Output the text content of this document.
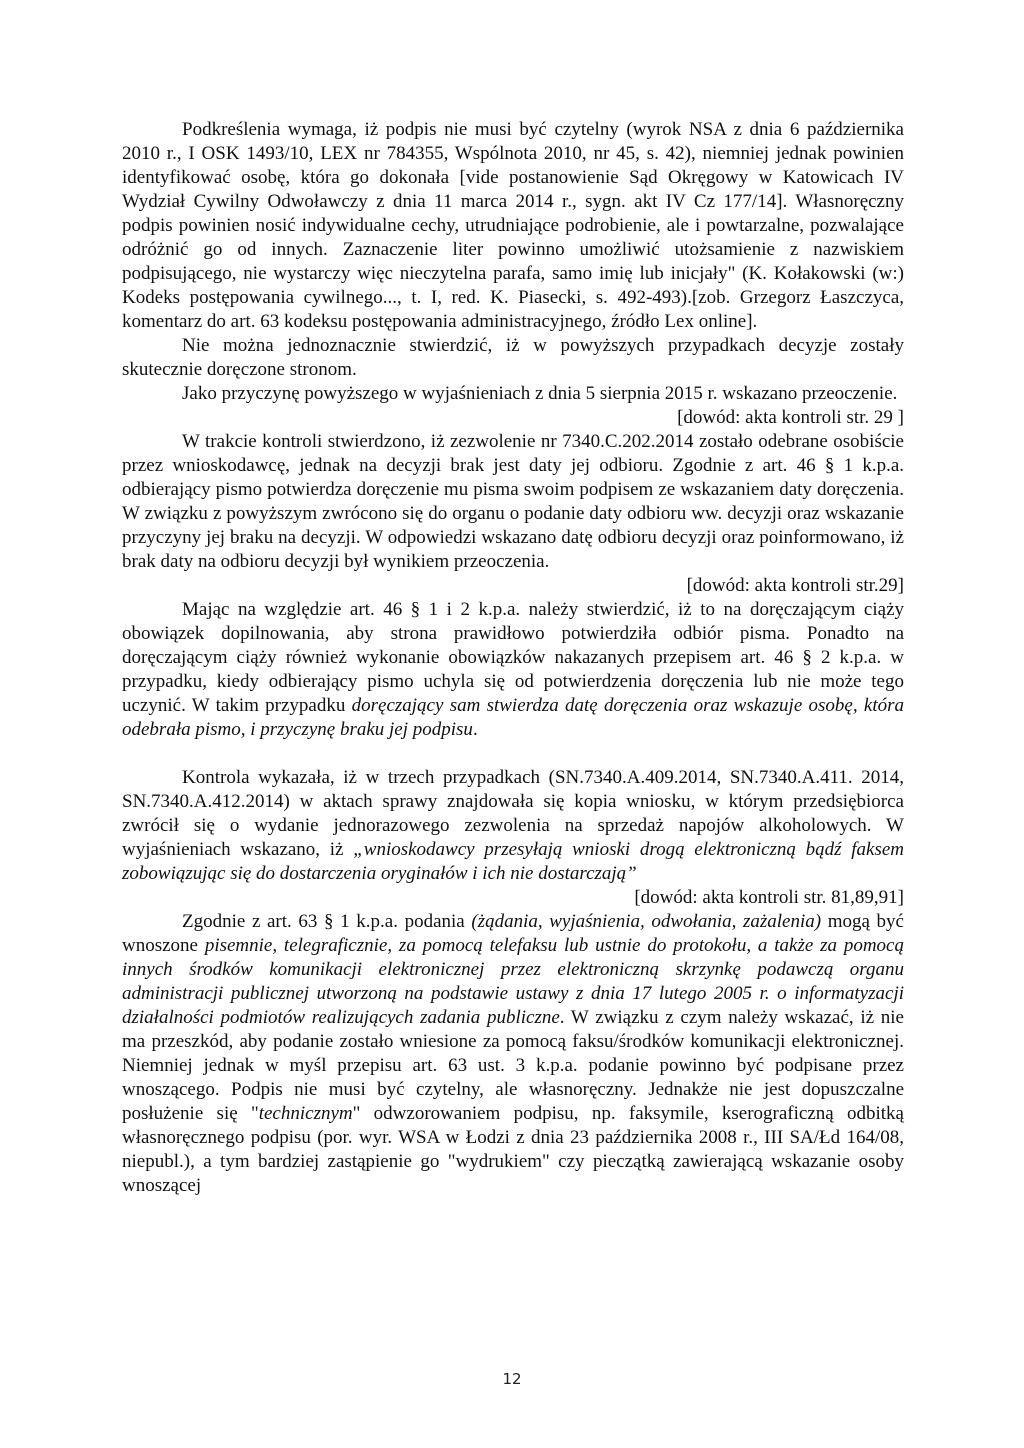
Podkreślenia wymaga, iż podpis nie musi być czytelny (wyrok NSA z dnia 6 października 2010 r., I OSK 1493/10, LEX nr 784355, Wspólnota 2010, nr 45, s. 42), niemniej jednak powinien identyfikować osobę, która go dokonała [vide postanowienie Sąd Okręgowy w Katowicach IV Wydział Cywilny Odwoławczy z dnia 11 marca 2014 r., sygn. akt IV Cz 177/14]. Własnoręczny podpis powinien nosić indywidualne cechy, utrudniające podrobienie, ale i powtarzalne, pozwalające odróżnić go od innych. Zaznaczenie liter powinno umożliwić utożsamienie z nazwiskiem podpisującego, nie wystarczy więc nieczytelna parafa, samo imię lub inicjały" (K. Kołakowski (w:) Kodeks postępowania cywilnego..., t. I, red. K. Piasecki, s. 492-493).[zob. Grzegorz Łaszczyca, komentarz do art. 63 kodeksu postępowania administracyjnego, źródło Lex online].

Nie można jednoznacznie stwierdzić, iż w powyższych przypadkach decyzje zostały skutecznie doręczone stronom.

Jako przyczynę powyższego w wyjaśnieniach z dnia 5 sierpnia 2015 r. wskazano przeoczenie.

[dowód: akta kontroli str. 29 ]

W trakcie kontroli stwierdzono, iż zezwolenie nr 7340.C.202.2014 zostało odebrane osobiście przez wnioskodawcę, jednak na decyzji brak jest daty jej odbioru. Zgodnie z art. 46 § 1 k.p.a. odbierający pismo potwierdza doręczenie mu pisma swoim podpisem ze wskazaniem daty doręczenia. W związku z powyższym zwrócono się do organu o podanie daty odbioru ww. decyzji oraz wskazanie przyczyny jej braku na decyzji. W odpowiedzi wskazano datę odbioru decyzji oraz poinformowano, iż brak daty na odbioru decyzji był wynikiem przeoczenia.

[dowód: akta kontroli str.29]

Mając na względzie art. 46 § 1 i 2 k.p.a. należy stwierdzić, iż to na doręczającym ciąży obowiązek dopilnowania, aby strona prawidłowo potwierdziła odbiór pisma. Ponadto na doręczającym ciąży również wykonanie obowiązków nakazanych przepisem art. 46 § 2 k.p.a. w przypadku, kiedy odbierający pismo uchyla się od potwierdzenia doręczenia lub nie może tego uczynić. W takim przypadku doręczający sam stwierdza datę doręczenia oraz wskazuje osobę, która odebrała pismo, i przyczynę braku jej podpisu.

Kontrola wykazała, iż w trzech przypadkach (SN.7340.A.409.2014, SN.7340.A.411. 2014, SN.7340.A.412.2014) w aktach sprawy znajdowała się kopia wniosku, w którym przedsiębiorca zwrócił się o wydanie jednorazowego zezwolenia na sprzedaż napojów alkoholowych. W wyjaśnieniach wskazano, iż „wnioskodawcy przesyłają wnioski drogą elektroniczną bądź faksem zobowiązując się do dostarczenia oryginałów i ich nie dostarczają”

[dowód: akta kontroli str. 81,89,91]

Zgodnie z art. 63 § 1 k.p.a. podania (żądania, wyjaśnienia, odwołania, zażalenia) mogą być wnoszone pisemnie, telegraficznie, za pomocą telefaksu lub ustnie do protokołu, a także za pomocą innych środków komunikacji elektronicznej przez elektroniczną skrzynkę podawczą organu administracji publicznej utworzoną na podstawie ustawy z dnia 17 lutego 2005 r. o informatyzacji działalności podmiotów realizujących zadania publiczne. W związku z czym należy wskazać, iż nie ma przeszkód, aby podanie zostało wniesione za pomocą faksu/środków komunikacji elektronicznej. Niemniej jednak w myśl przepisu art. 63 ust. 3 k.p.a. podanie powinno być podpisane przez wnoszącego. Podpis nie musi być czytelny, ale własnoręczny. Jednakże nie jest dopuszczalne posłużenie się "technicznym" odwzorowaniem podpisu, np. faksymile, kserograficzną odbitką własnoręcznego podpisu (por. wyr. WSA w Łodzi z dnia 23 października 2008 r., III SA/Łd 164/08, niepubl.), a tym bardziej zastąpienie go "wydrukiem" czy pieczątką zawierającą wskazanie osoby wnoszącej

12
